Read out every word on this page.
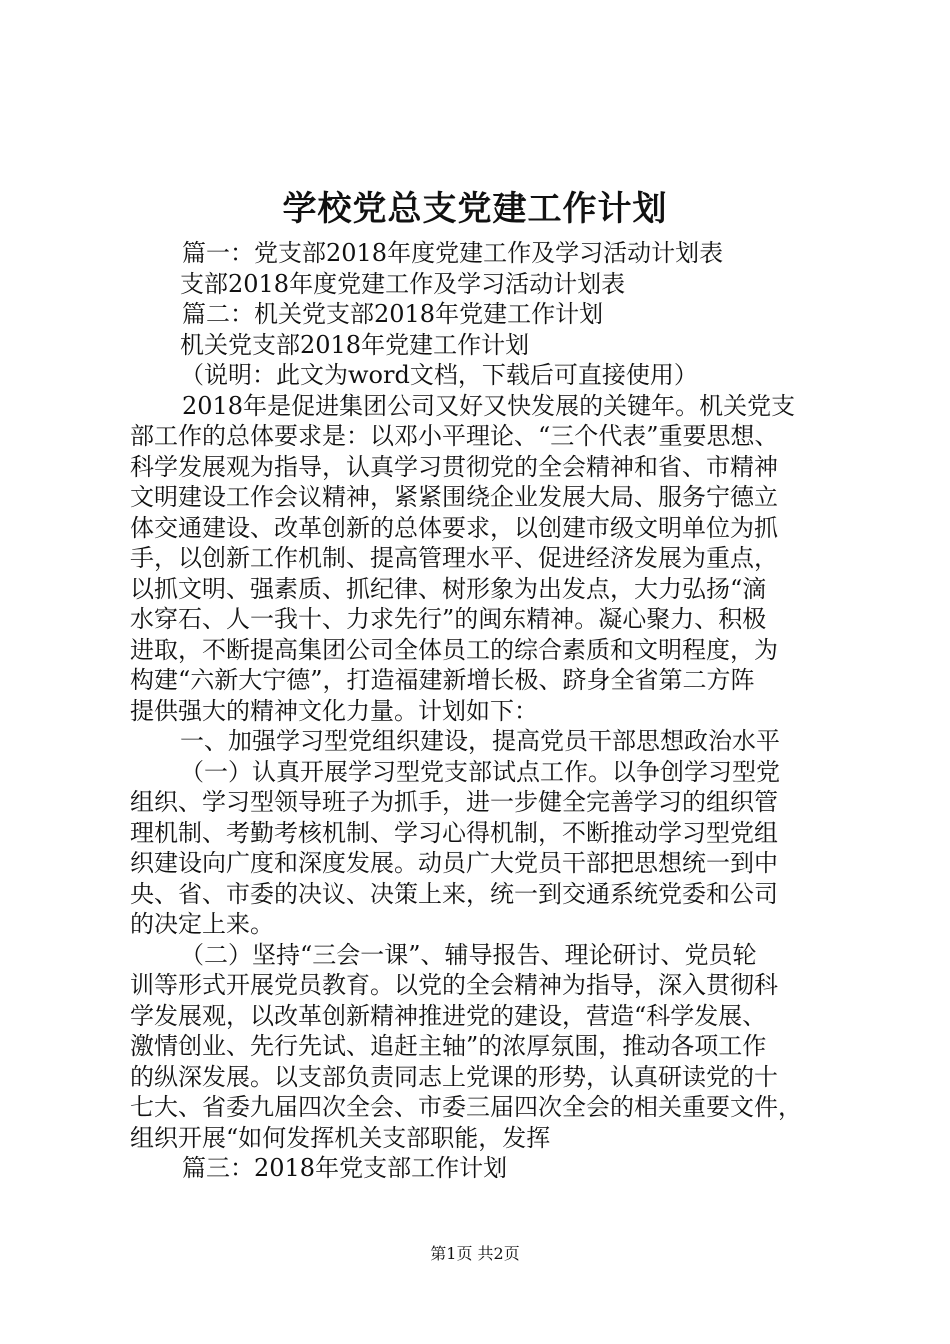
学校党总支党建工作计划
篇一：党支部2018年度党建工作及学习活动计划表
支部2018年度党建工作及学习活动计划表
篇二：机关党支部2018年党建工作计划
机关党支部2018年党建工作计划
（说明：此文为word文档，下载后可直接使用）
2018年是促进集团公司又好又快发展的关键年。机关党支
部工作的总体要求是：以邓小平理论、“三个代表”重要思想、
科学发展观为指导，认真学习贯彻党的全会精神和省、市精神
文明建设工作会议精神，紧紧围绕企业发展大局、服务宁德立
体交通建设、改革创新的总体要求，以创建市级文明单位为抓
手，以创新工作机制、提高管理水平、促进经济发展为重点，
以抓文明、强素质、抓纪律、树形象为出发点，大力弘扬“滴
水穿石、人一我十、力求先行”的闽东精神。凝心聚力、积极
进取，不断提高集团公司全体员工的综合素质和文明程度，为
构建“六新大宁德”，打造福建新增长极、跻身全省第二方阵
提供强大的精神文化力量。计划如下：
一、加强学习型党组织建设，提高党员干部思想政治水平
（一）认真开展学习型党支部试点工作。以争创学习型党
组织、学习型领导班子为抓手，进一步健全完善学习的组织管
理机制、考勤考核机制、学习心得机制，不断推动学习型党组
织建设向广度和深度发展。动员广大党员干部把思想统一到中
央、省、市委的决议、决策上来，统一到交通系统党委和公司
的决定上来。
（二）坚持“三会一课”、辅导报告、理论研讨、党员轮
训等形式开展党员教育。以党的全会精神为指导，深入贯彻科
学发展观，以改革创新精神推进党的建设，营造“科学发展、
激情创业、先行先试、追赶主轴”的浓厚氛围，推动各项工作
的纵深发展。以支部负责同志上党课的形势，认真研读党的十
七大、省委九届四次全会、市委三届四次全会的相关重要文件，
组织开展“如何发挥机关支部职能，发挥
篇三：2018年党支部工作计划
第1页 共2页
